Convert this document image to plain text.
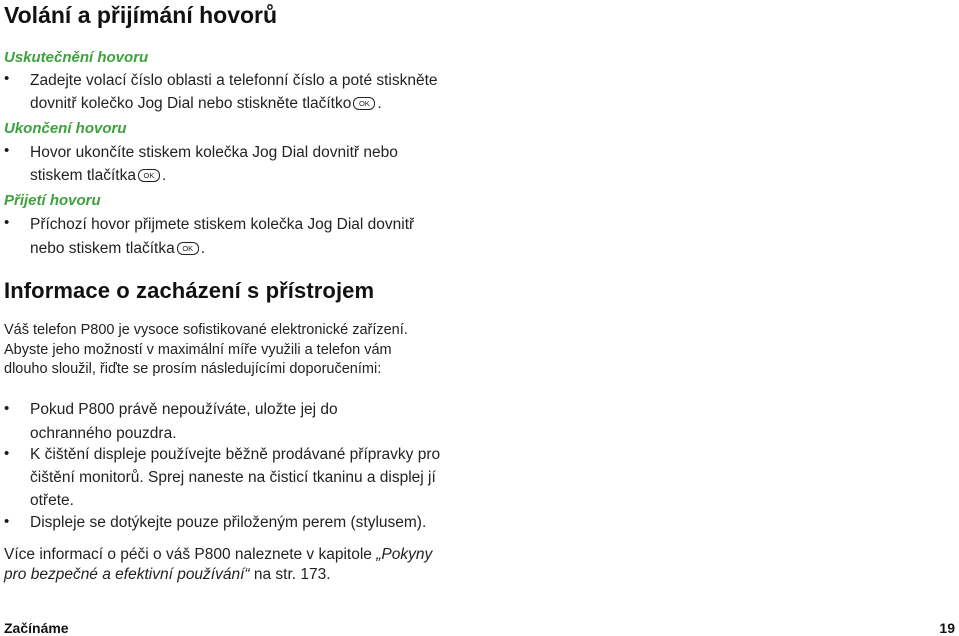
Volání a přijímání hovorů
Uskutečnění hovoru
• Zadejte volací číslo oblasti a telefonní číslo a poté stiskněte
dovnitř kolečko Jog Dial nebo stiskněte tlačítko OK .
Ukončení hovoru
• Hovor ukončíte stiskem kolečka Jog Dial dovnitř nebo
stiskem tlačítka OK .
Přijetí hovoru
• Příchozí hovor přijmete stiskem kolečka Jog Dial dovnitř
nebo stiskem tlačítka OK .
Informace o zacházení s přístrojem
Váš telefon P800 je vysoce sofistikované elektronické zařízení.
Abyste jeho možností v maximální míře využili a telefon vám
dlouho sloužil, řiďte se prosím následujícími doporučeními:
• Pokud P800 právě nepoužíváte, uložte jej do
ochranného pouzdra.
• K čištění displeje používejte běžně prodávané přípravky pro
čištění monitorů. Sprej naneste na čisticí tkaninu a displej jí
otřete.
• Displeje se dotýkejte pouze přiloženým perem (stylusem).
Více informací o péči o váš P800 naleznete v kapitole „Pokyny
pro bezpečné a efektivní používání“ na str. 173.
Začínáme	19
